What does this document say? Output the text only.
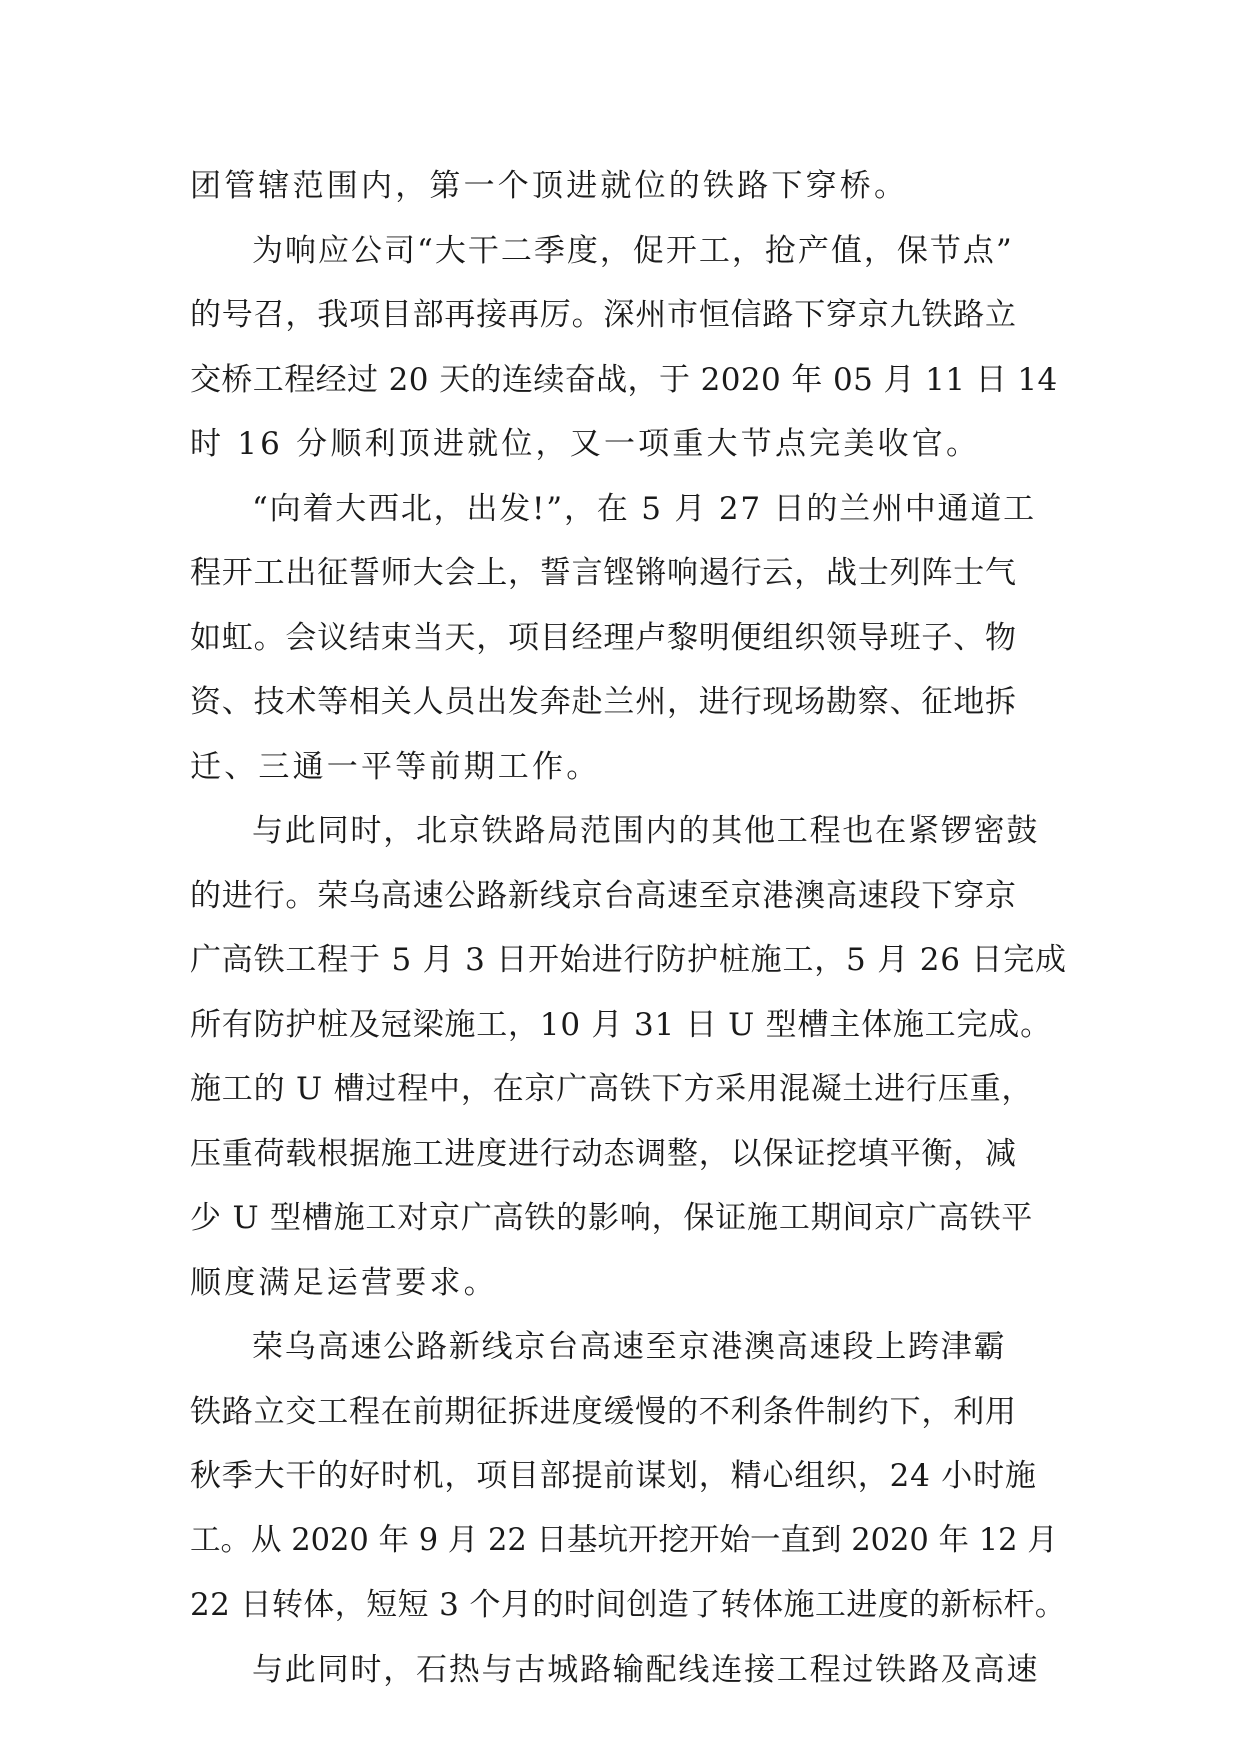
团管辖范围内，第一个顶进就位的铁路下穿桥。
为响应公司“大干二季度，促开工，抢产值，保节点”
的号召，我项目部再接再厉。深州市恒信路下穿京九铁路立
交桥工程经过 20 天的连续奋战，于 2020 年 05 月 11 日 14
时 16 分顺利顶进就位，又一项重大节点完美收官。
“向着大西北，出发!”，在 5 月 27 日的兰州中通道工
程开工出征誓师大会上，誓言铿锵响遏行云，战士列阵士气
如虹。会议结束当天，项目经理卢黎明便组织领导班子、物
资、技术等相关人员出发奔赴兰州，进行现场勘察、征地拆
迁、三通一平等前期工作。
与此同时，北京铁路局范围内的其他工程也在紧锣密鼓
的进行。荣乌高速公路新线京台高速至京港澳高速段下穿京
广高铁工程于 5 月 3 日开始进行防护桩施工，5 月 26 日完成
所有防护桩及冠梁施工，10 月 31 日 U 型槽主体施工完成。
施工的 U 槽过程中，在京广高铁下方采用混凝土进行压重，
压重荷载根据施工进度进行动态调整，以保证挖填平衡，减
少 U 型槽施工对京广高铁的影响，保证施工期间京广高铁平
顺度满足运营要求。
荣乌高速公路新线京台高速至京港澳高速段上跨津霸
铁路立交工程在前期征拆进度缓慢的不利条件制约下，利用
秋季大干的好时机，项目部提前谋划，精心组织，24 小时施
工。从 2020 年 9 月 22 日基坑开挖开始一直到 2020 年 12 月
22 日转体，短短 3 个月的时间创造了转体施工进度的新标杆。
与此同时，石热与古城路输配线连接工程过铁路及高速
